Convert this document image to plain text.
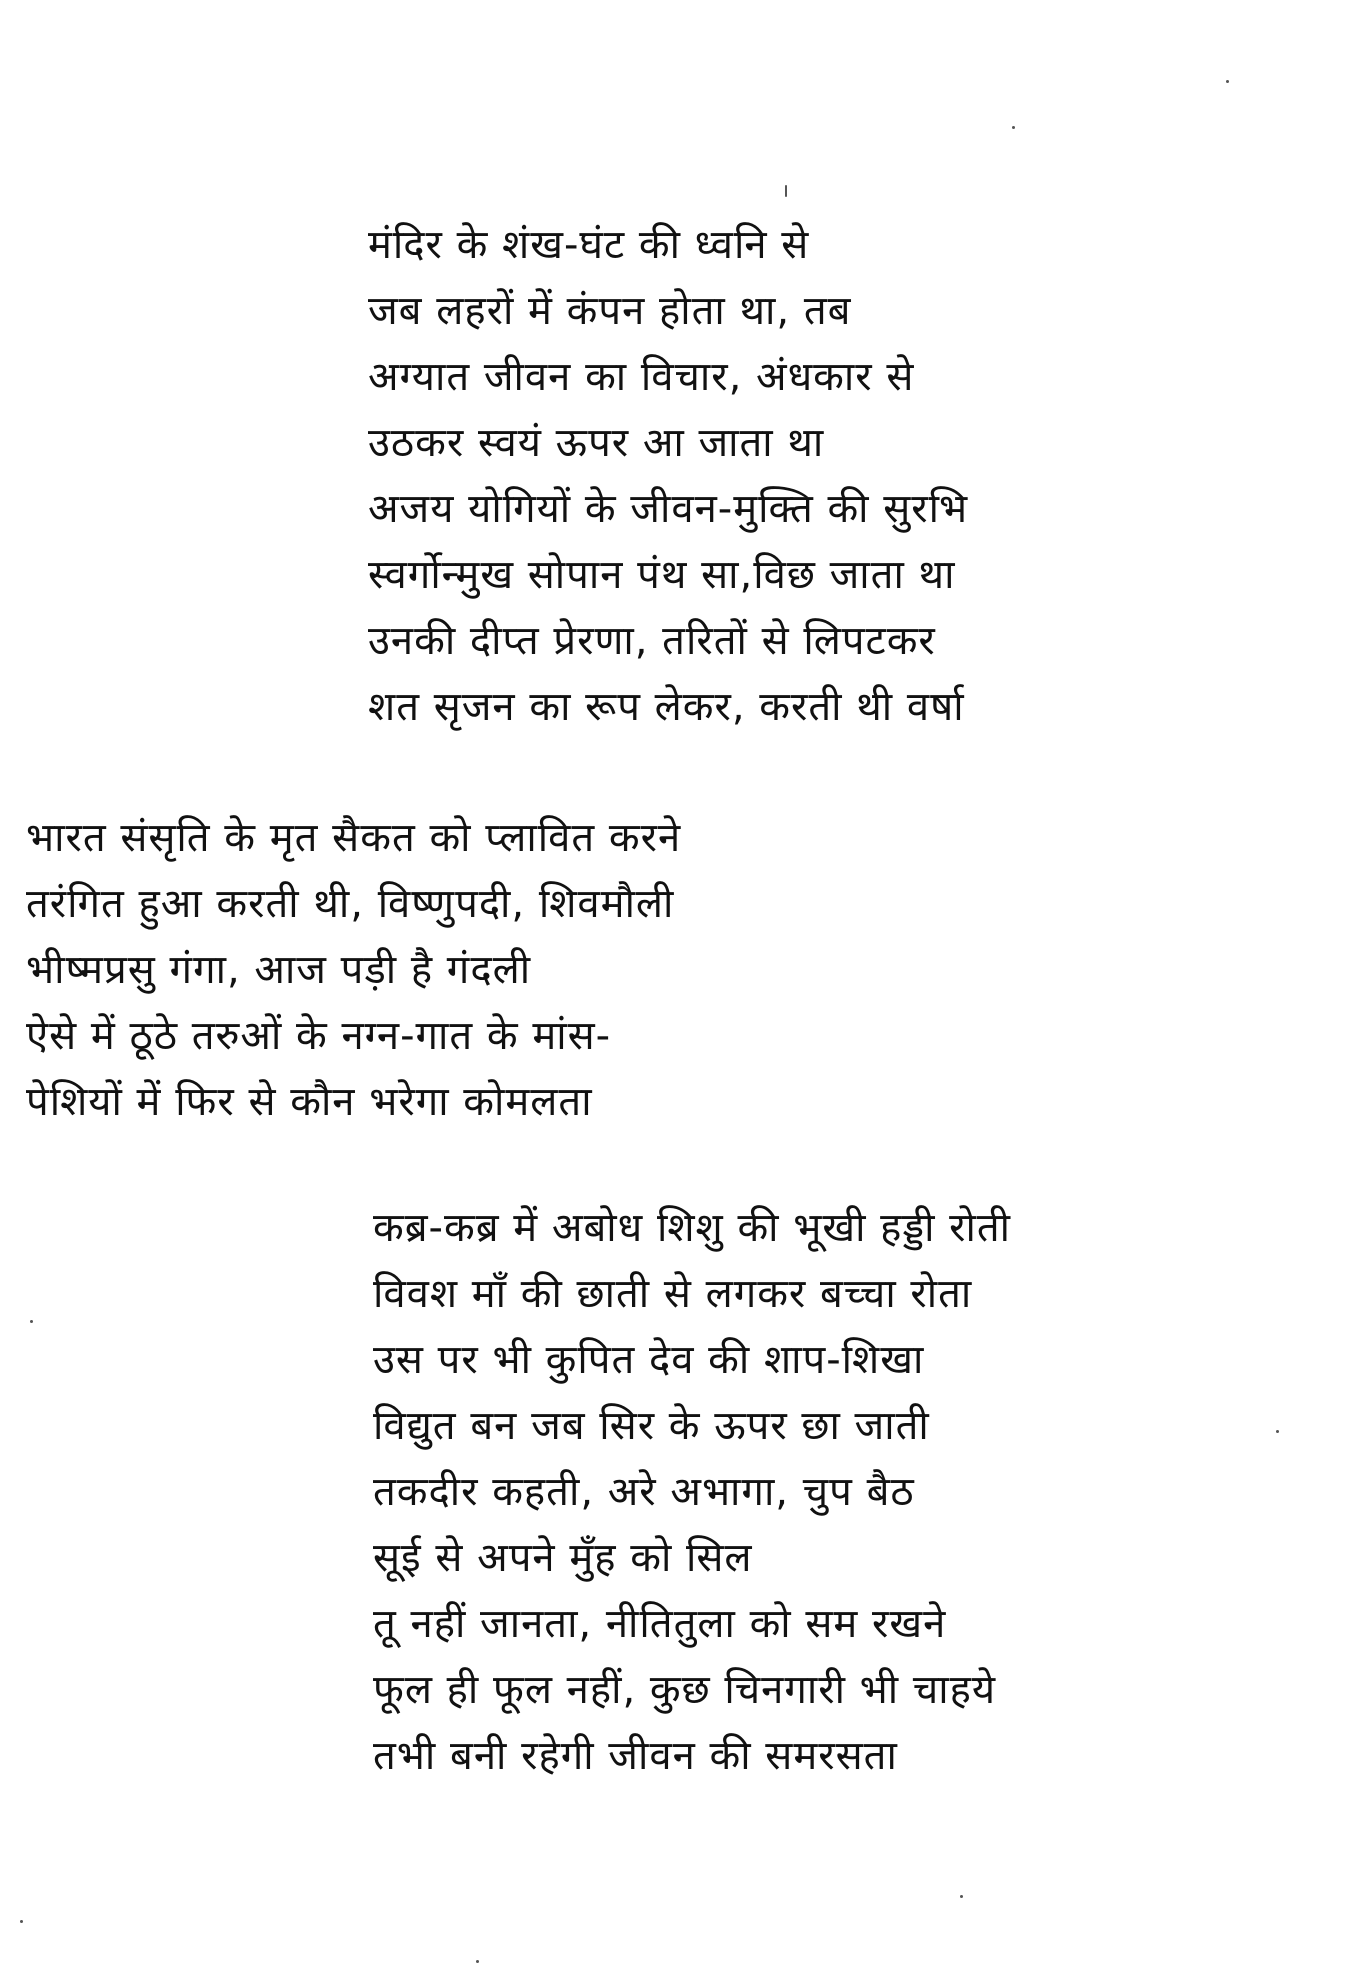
मंदिर के शंख-घंट की ध्वनि से
जब लहरों में कंपन होता था, तब
अग्यात जीवन का विचार, अंधकार से
उठकर स्वयं ऊपर आ जाता था
अजय योगियों के जीवन-मुक्ति की सुरभि
स्वर्गोन्मुख सोपान पंथ सा,विछ जाता था
उनकी दीप्त प्रेरणा, तरितों से लिपटकर
शत सृजन का रूप लेकर, करती थी वर्षा
भारत संसृति के मृत सैकत को प्लावित करने
तरंगित हुआ करती थी, विष्णुपदी, शिवमौली
भीष्मप्रसु गंगा, आज पड़ी है गंदली
ऐसे में ठूठे तरुओं के नग्न-गात के मांस-
पेशियों में फिर से कौन भरेगा कोमलता
कब्र-कब्र में अबोध शिशु की भूखी हड्डी रोती
विवश माँ की छाती से लगकर बच्चा रोता
उस पर भी कुपित देव की शाप-शिखा
विद्युत बन जब सिर के ऊपर छा जाती
तकदीर कहती, अरे अभागा, चुप बैठ
सूई से अपने मुँह को सिल
तू नहीं जानता, नीतितुला को सम रखने
फूल ही फूल नहीं, कुछ चिनगारी भी चाहये
तभी बनी रहेगी जीवन की समरसता
